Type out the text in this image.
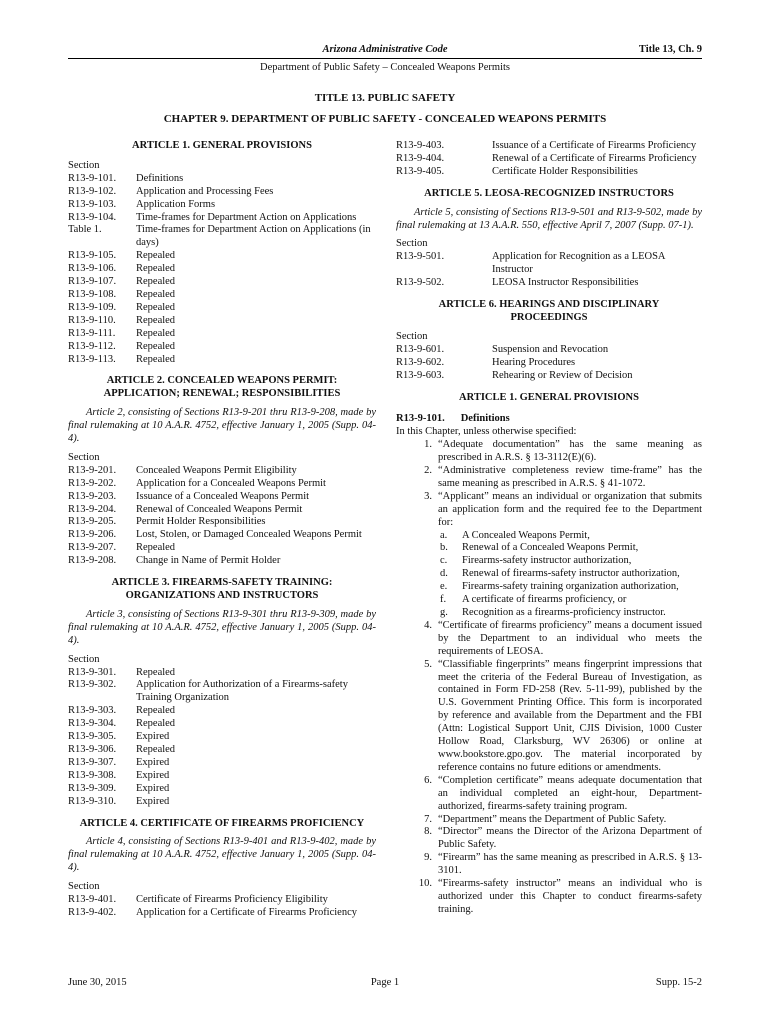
Arizona Administrative Code	Title 13, Ch. 9
Department of Public Safety – Concealed Weapons Permits
TITLE 13. PUBLIC SAFETY
CHAPTER 9. DEPARTMENT OF PUBLIC SAFETY - CONCEALED WEAPONS PERMITS

ARTICLE 1. GENERAL PROVISIONS

Section

R13-9-101.	Definitions
R13-9-102.	Application and Processing Fees
R13-9-103.	Application Forms
R13-9-104.	Time-frames for Department Action on Applications
Table 1.	Time-frames for Department Action on Applications (in days)
R13-9-105.	Repealed
R13-9-106.	Repealed
R13-9-107.	Repealed
R13-9-108.	Repealed
R13-9-109.	Repealed
R13-9-110.	Repealed
R13-9-111.	Repealed
R13-9-112.	Repealed
R13-9-113.	Repealed

ARTICLE 2. CONCEALED WEAPONS PERMIT:
APPLICATION; RENEWAL; RESPONSIBILITIES

Article 2, consisting of Sections R13-9-201 thru R13-9-208, made by final rulemaking at 10 A.A.R. 4752, effective January 1, 2005 (Supp. 04-4).

Section

R13-9-201.	Concealed Weapons Permit Eligibility
R13-9-202.	Application for a Concealed Weapons Permit
R13-9-203.	Issuance of a Concealed Weapons Permit
R13-9-204.	Renewal of Concealed Weapons Permit
R13-9-205.	Permit Holder Responsibilities
R13-9-206.	Lost, Stolen, or Damaged Concealed Weapons Permit
R13-9-207.	Repealed
R13-9-208.	Change in Name of Permit Holder

ARTICLE 3. FIREARMS-SAFETY TRAINING:
ORGANIZATIONS AND INSTRUCTORS

Article 3, consisting of Sections R13-9-301 thru R13-9-309, made by final rulemaking at 10 A.A.R. 4752, effective January 1, 2005 (Supp. 04-4).

Section

R13-9-301.	Repealed
R13-9-302.	Application for Authorization of a Firearms-safety Training Organization
R13-9-303.	Repealed
R13-9-304.	Repealed
R13-9-305.	Expired
R13-9-306.	Repealed
R13-9-307.	Expired
R13-9-308.	Expired
R13-9-309.	Expired
R13-9-310.	Expired

ARTICLE 4. CERTIFICATE OF FIREARMS PROFICIENCY

Article 4, consisting of Sections R13-9-401 and R13-9-402, made by final rulemaking at 10 A.A.R. 4752, effective January 1, 2005 (Supp. 04-4).

Section

R13-9-401.	Certificate of Firearms Proficiency Eligibility
R13-9-402.	Application for a Certificate of Firearms Proficiency
R13-9-403.	Issuance of a Certificate of Firearms Proficiency
R13-9-404.	Renewal of a Certificate of Firearms Proficiency
R13-9-405.	Certificate Holder Responsibilities

ARTICLE 5. LEOSA-RECOGNIZED INSTRUCTORS

Article 5, consisting of Sections R13-9-501 and R13-9-502, made by final rulemaking at 13 A.A.R. 550, effective April 7, 2007 (Supp. 07-1).

Section

R13-9-501.	Application for Recognition as a LEOSA Instructor
R13-9-502.	LEOSA Instructor Responsibilities

ARTICLE 6. HEARINGS AND DISCIPLINARY
PROCEEDINGS

Section

R13-9-601.	Suspension and Revocation
R13-9-602.	Hearing Procedures
R13-9-603.	Rehearing or Review of Decision

ARTICLE 1. GENERAL PROVISIONS

R13-9-101. Definitions

In this Chapter, unless otherwise specified:

1. “Adequate documentation” has the same meaning as prescribed in A.R.S. § 13-3112(E)(6).
2. “Administrative completeness review time-frame” has the same meaning as prescribed in A.R.S. § 41-1072.
3. “Applicant” means an individual or organization that submits an application form and the required fee to the Department for:
a.	A Concealed Weapons Permit,
b.	Renewal of a Concealed Weapons Permit,
c.	Firearms-safety instructor authorization,
d.	Renewal of firearms-safety instructor authorization,
e.	Firearms-safety training organization authorization,
f.	A certificate of firearms proficiency, or
g.	Recognition as a firearms-proficiency instructor.
4. “Certificate of firearms proficiency” means a document issued by the Department to an individual who meets the requirements of LEOSA.
5. “Classifiable fingerprints” means fingerprint impressions that meet the criteria of the Federal Bureau of Investigation, as contained in Form FD-258 (Rev. 5-11-99), published by the U.S. Government Printing Office. This form is incorporated by reference and available from the Department and the FBI (Attn: Logistical Support Unit, CJIS Division, 1000 Custer Hollow Road, Clarksburg, WV 26306) or online at www.bookstore.gpo.gov. The material incorporated by reference contains no future editions or amendments.
6. “Completion certificate” means adequate documentation that an individual completed an eight-hour, Department-authorized, firearms-safety training program.
7. “Department” means the Department of Public Safety.
8. “Director” means the Director of the Arizona Department of Public Safety.
9. “Firearm” has the same meaning as prescribed in A.R.S. § 13-3101.
10. “Firearms-safety instructor” means an individual who is authorized under this Chapter to conduct firearms-safety training.
June 30, 2015	Page 1	Supp. 15-2
